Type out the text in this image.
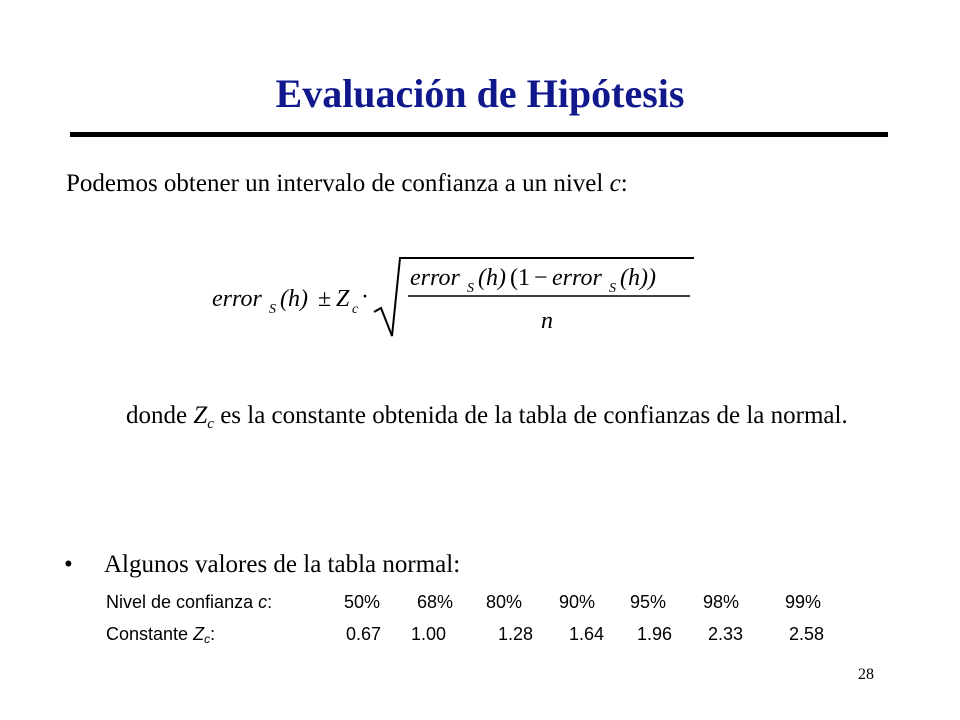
Evaluación de Hipótesis
Podemos obtener un intervalo de confianza a un nivel c:
error S (h) ± Z c ·
error S (h) (1 − error S (h))
n
donde $Z_c$ es la constante obtenida de la tabla de confianzas de la normal.
• Algunos valores de la tabla normal:
Nivel de confianza c:	50% 68% 80% 90% 95% 98%	99%
Constante $Z_c$:	0.67 1.00	1.28 1.64 1.96 2.33	2.58
28
